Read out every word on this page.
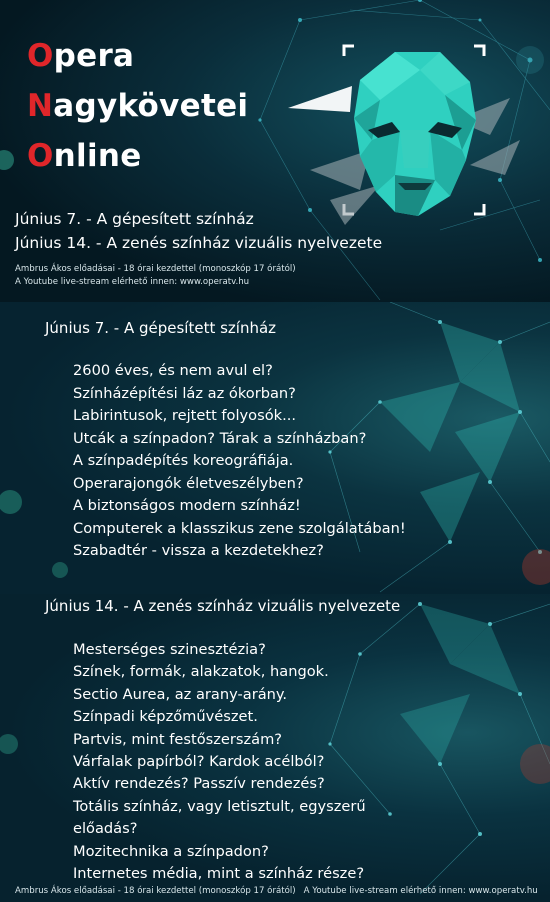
Opera
Nagykövetei
Online
Június 7. - A gépesített színház
Június 14. - A zenés színház vizuális nyelvezete
Ambrus Ákos előadásai - 18 órai kezdettel (monoszkóp 17 órától)
A Youtube live-stream elérhető innen: www.operatv.hu
Június 7. - A gépesített színház
2600 éves, és nem avul el?
Színházépítési láz az ókorban?
Labirintusok, rejtett folyosók...
Utcák a színpadon? Tárak a színházban?
A színpadépítés koreográfiája.
Operarajongók életveszélyben?
A biztonságos modern színház!
Computerek a klasszikus zene szolgálatában!
Szabadtér - vissza a kezdetekhez?
Június 14. - A zenés színház vizuális nyelvezete
Mesterséges szinesztézia?
Színek, formák, alakzatok, hangok.
Sectio Aurea, az arany-arány.
Színpadi képzőművészet.
Partvis, mint festőszerszám?
Várfalak papírból? Kardok acélból?
Aktív rendezés? Passzív rendezés?
Totális színház, vagy letisztult, egyszerű
előadás?
Mozitechnika a színpadon?
Internetes média, mint a színház része?
Ambrus Ákos előadásai - 18 órai kezdettel (monoszkóp 17 órától) A Youtube live-stream elérhető innen: www.operatv.hu
